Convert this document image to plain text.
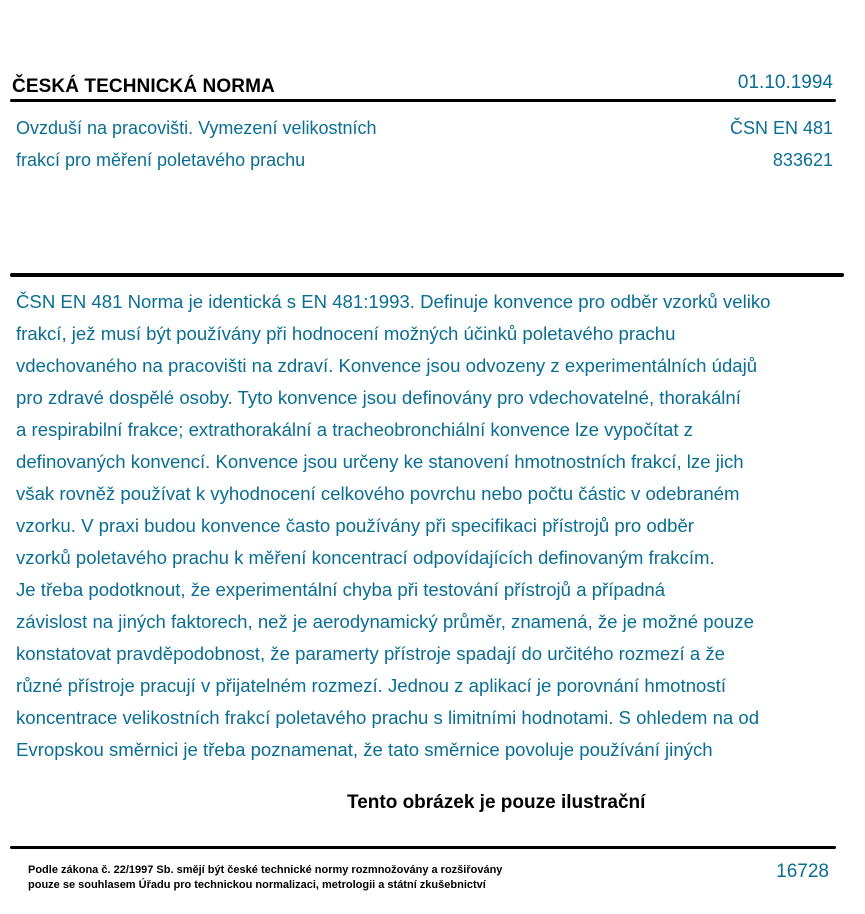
ČESKÁ TECHNICKÁ NORMA	01.10.1994
Ovzduší na pracovišti. Vymezení velikostních
frakcí pro měření poletavého prachu
ČSN EN 481
833621
ČSN EN 481 Norma je identická s EN 481:1993. Definuje konvence pro odběr vzorků veliko
frakcí, jež musí být používány při hodnocení možných účinků poletavého prachu
vdechovaného na pracovišti na zdraví. Konvence jsou odvozeny z experimentálních údajů
pro zdravé dospělé osoby. Tyto konvence jsou definovány pro vdechovatelné, thorakální
a respirabilní frakce; extrathorakální a tracheobronchiální konvence lze vypočítat z
definovaných konvencí. Konvence jsou určeny ke stanovení hmotnostních frakcí, lze jich
však rovněž používat k vyhodnocení celkového povrchu nebo počtu částic v odebraném
vzorku. V praxi budou konvence často používány při specifikaci přístrojů pro odběr
vzorků poletavého prachu k měření koncentrací odpovídajících definovaným frakcím.
Je třeba podotknout, že experimentální chyba při testování přístrojů a případná
závislost na jiných faktorech, než je aerodynamický průměr, znamená, že je možné pouze
konstatovat pravděpodobnost, že paramerty přístroje spadají do určitého rozmezí a že
různé přístroje pracují v přijatelném rozmezí. Jednou z aplikací je porovnání hmotností
koncentrace velikostních frakcí poletavého prachu s limitními hodnotami. S ohledem na od
Evropskou směrnici je třeba poznamenat, že tato směrnice povoluje používání jiných
Tento obrázek je pouze ilustrační
Podle zákona č. 22/1997 Sb. smějí být české technické normy rozmnožovány a rozšiřovány
pouze se souhlasem Úřadu pro technickou normalizaci, metrologii a státní zkušebnictví
16728
